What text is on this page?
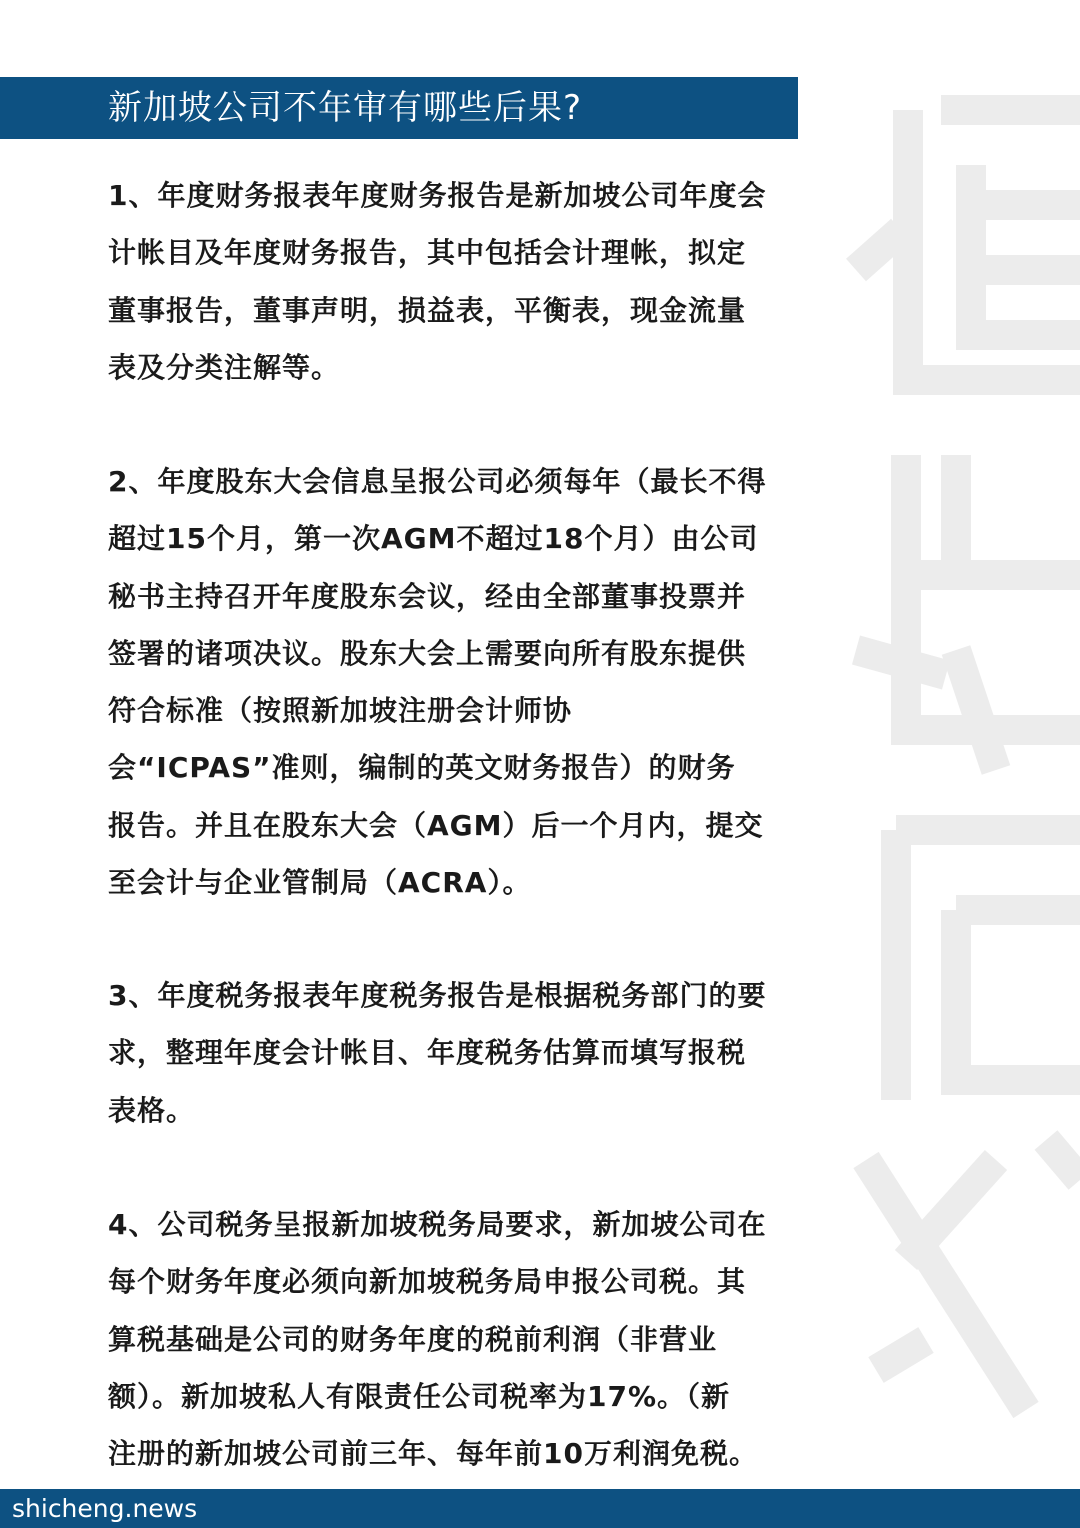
新加坡公司不年审有哪些后果?
1、年度财务报表年度财务报告是新加坡公司年度会
计帐目及年度财务报告，其中包括会计理帐，拟定
董事报告，董事声明，损益表，平衡表，现金流量
表及分类注解等。
2、年度股东大会信息呈报公司必须每年（最长不得
超过15个月，第一次AGM不超过18个月）由公司
秘书主持召开年度股东会议，经由全部董事投票并
签署的诸项决议。股东大会上需要向所有股东提供
符合标准（按照新加坡注册会计师协
会“ICPAS”准则，编制的英文财务报告）的财务
报告。并且在股东大会（AGM）后一个月内，提交
至会计与企业管制局（ACRA）。
3、年度税务报表年度税务报告是根据税务部门的要
求，整理年度会计帐目、年度税务估算而填写报税
表格。
4、公司税务呈报新加坡税务局要求，新加坡公司在
每个财务年度必须向新加坡税务局申报公司税。其
算税基础是公司的财务年度的税前利润（非营业
额）。新加坡私人有限责任公司税率为17%。（新
注册的新加坡公司前三年、每年前10万利润免税。
shicheng.news
